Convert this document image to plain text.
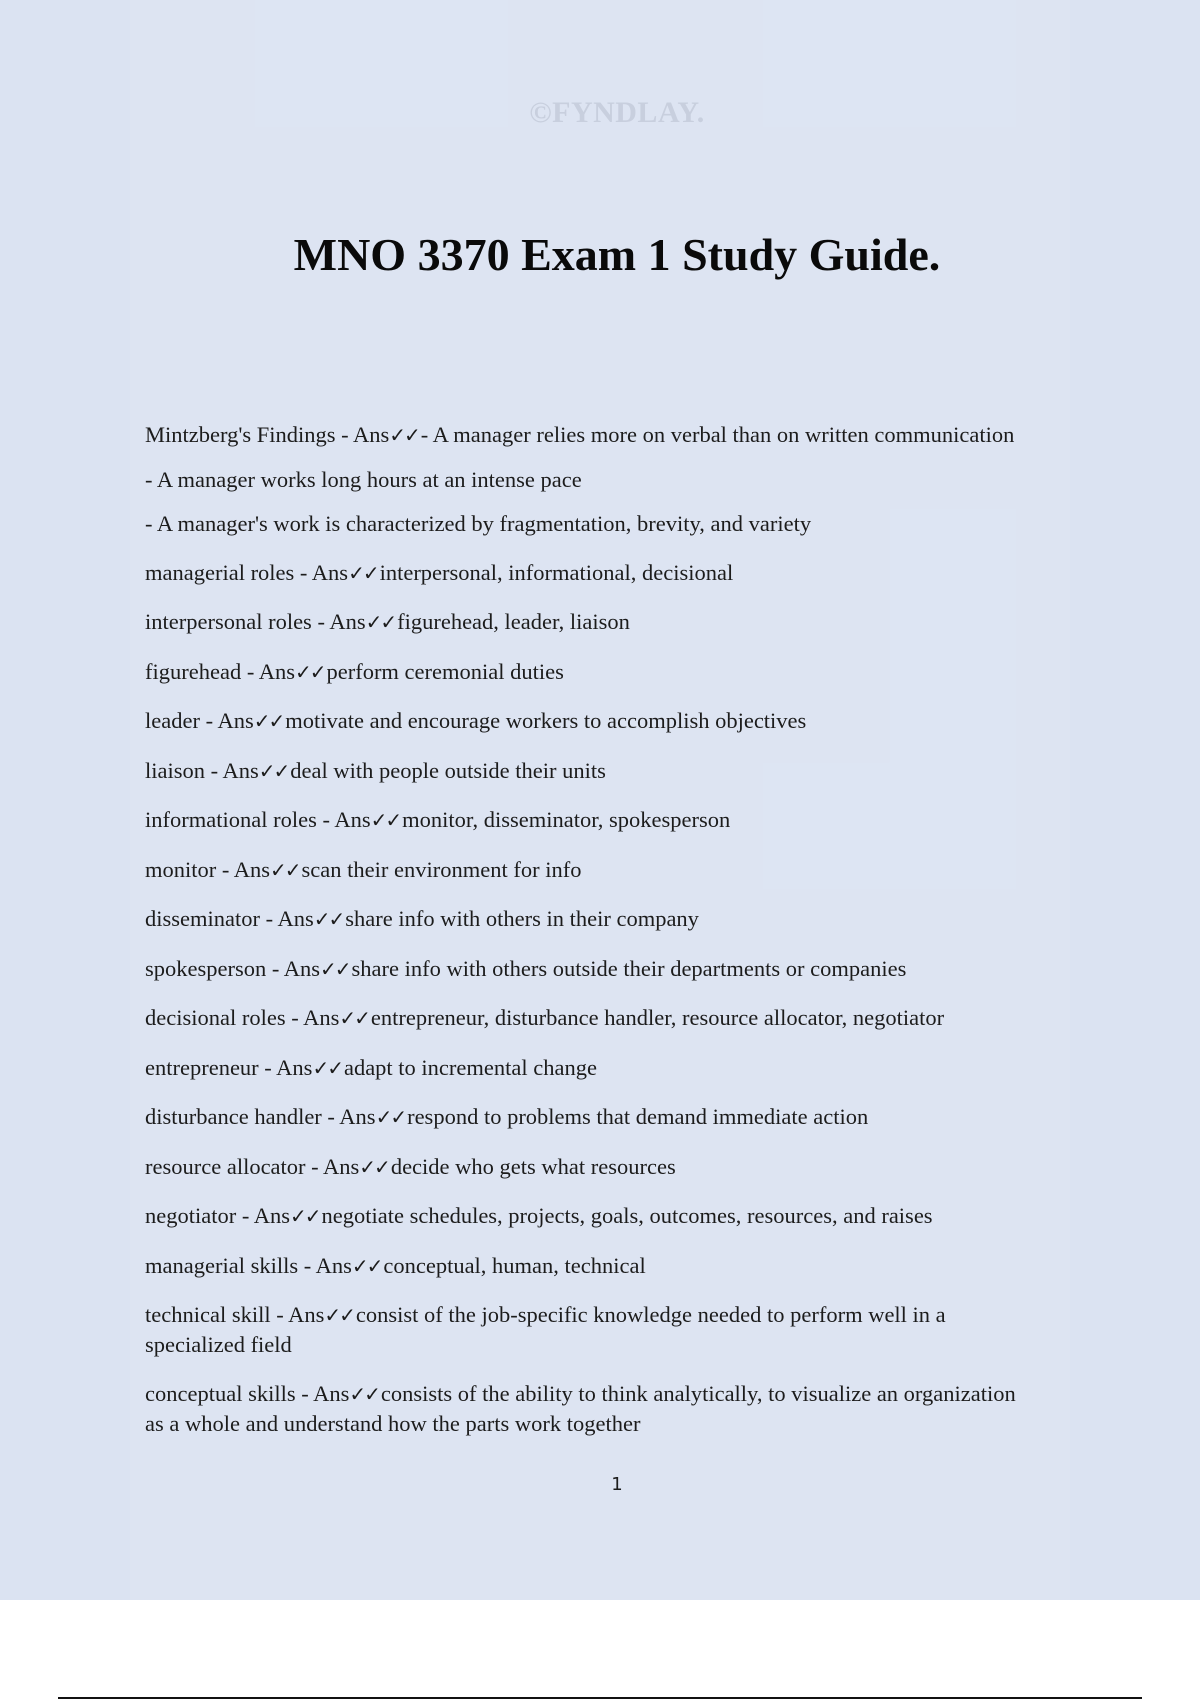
©FYNDLAY.
MNO 3370 Exam 1 Study Guide.

Mintzberg's Findings - Ans✓✓- A manager relies more on verbal than on written communication

- A manager works long hours at an intense pace

- A manager's work is characterized by fragmentation, brevity, and variety

managerial roles - Ans✓✓interpersonal, informational, decisional

interpersonal roles - Ans✓✓figurehead, leader, liaison

figurehead - Ans✓✓perform ceremonial duties

leader - Ans✓✓motivate and encourage workers to accomplish objectives

liaison - Ans✓✓deal with people outside their units

informational roles - Ans✓✓monitor, disseminator, spokesperson

monitor - Ans✓✓scan their environment for info

disseminator - Ans✓✓share info with others in their company

spokesperson - Ans✓✓share info with others outside their departments or companies

decisional roles - Ans✓✓entrepreneur, disturbance handler, resource allocator, negotiator

entrepreneur - Ans✓✓adapt to incremental change

disturbance handler - Ans✓✓respond to problems that demand immediate action

resource allocator - Ans✓✓decide who gets what resources

negotiator - Ans✓✓negotiate schedules, projects, goals, outcomes, resources, and raises

managerial skills - Ans✓✓conceptual, human, technical

technical skill - Ans✓✓consist of the job-specific knowledge needed to perform well in a specialized field

conceptual skills - Ans✓✓consists of the ability to think analytically, to visualize an organization as a whole and understand how the parts work together

1
